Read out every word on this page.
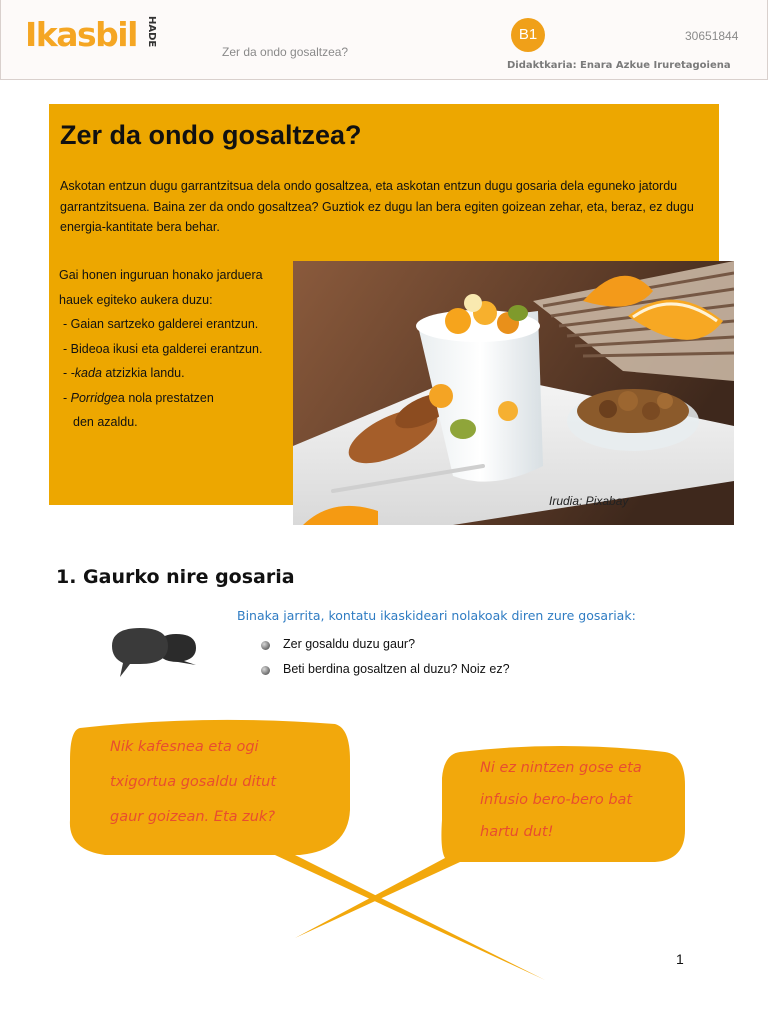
Ikasbil HADE
Zer da ondo gosaltzea?
B1	30651844
Didaktkaria: Enara Azkue Iruretagoiena
Zer da ondo gosaltzea?

Askotan entzun dugu garrantzitsua dela ondo gosaltzea, eta askotan entzun dugu gosaria dela eguneko jatordu garrantzitsuena. Baina zer da ondo gosaltzea? Guztiok ez dugu lan bera egiten goizean zehar, eta, beraz, ez dugu energia-kantitate bera behar.

Gai honen inguruan honako jarduera
hauek egiteko aukera duzu:
- Gaian sartzeko galderei erantzun.
- Bideoa ikusi eta galderei erantzun.
- -kada atzizkia landu.
- Porridgea nola prestatzen
den azaldu.
Irudia: Pixabay
1. Gaurko nire gosaria
Binaka jarrita, kontatu ikaskideari nolakoak diren zure gosariak:
Zer gosaldu duzu gaur?
Beti berdina gosaltzen al duzu? Noiz ez?
Nik kafesnea eta ogi
txigortua gosaldu ditut
gaur goizean. Eta zuk?
Ni ez nintzen gose eta
infusio bero-bero bat
hartu dut!
1
